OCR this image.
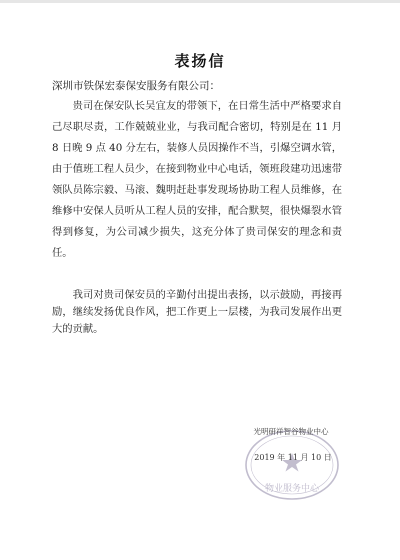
表扬信
深圳市铁保宏泰保安服务有限公司：
贵司在保安队长吴宜友的带领下，在日常生活中严格要求自己尽职尽责，工作兢兢业业，与我司配合密切，特别是在 11 月 8 日晚 9 点 40 分左右，装修人员因操作不当，引爆空调水管，由于值班工程人员少，在接到物业中心电话，领班段建功迅速带领队员陈宗毅、马滚、魏明赶赴事发现场协助工程人员维修，在维修中安保人员听从工程人员的安排，配合默契，很快爆裂水管得到修复，为公司减少损失，这充分体了贵司保安的理念和责任。
我司对贵司保安员的辛勤付出提出表扬，以示鼓励，再接再励，继续发扬优良作风，把工作更上一层楼，为我司发展作出更大的贡献。
物业服务中心
光明研祥智谷物业中心
2019 年 11 月 10 日
